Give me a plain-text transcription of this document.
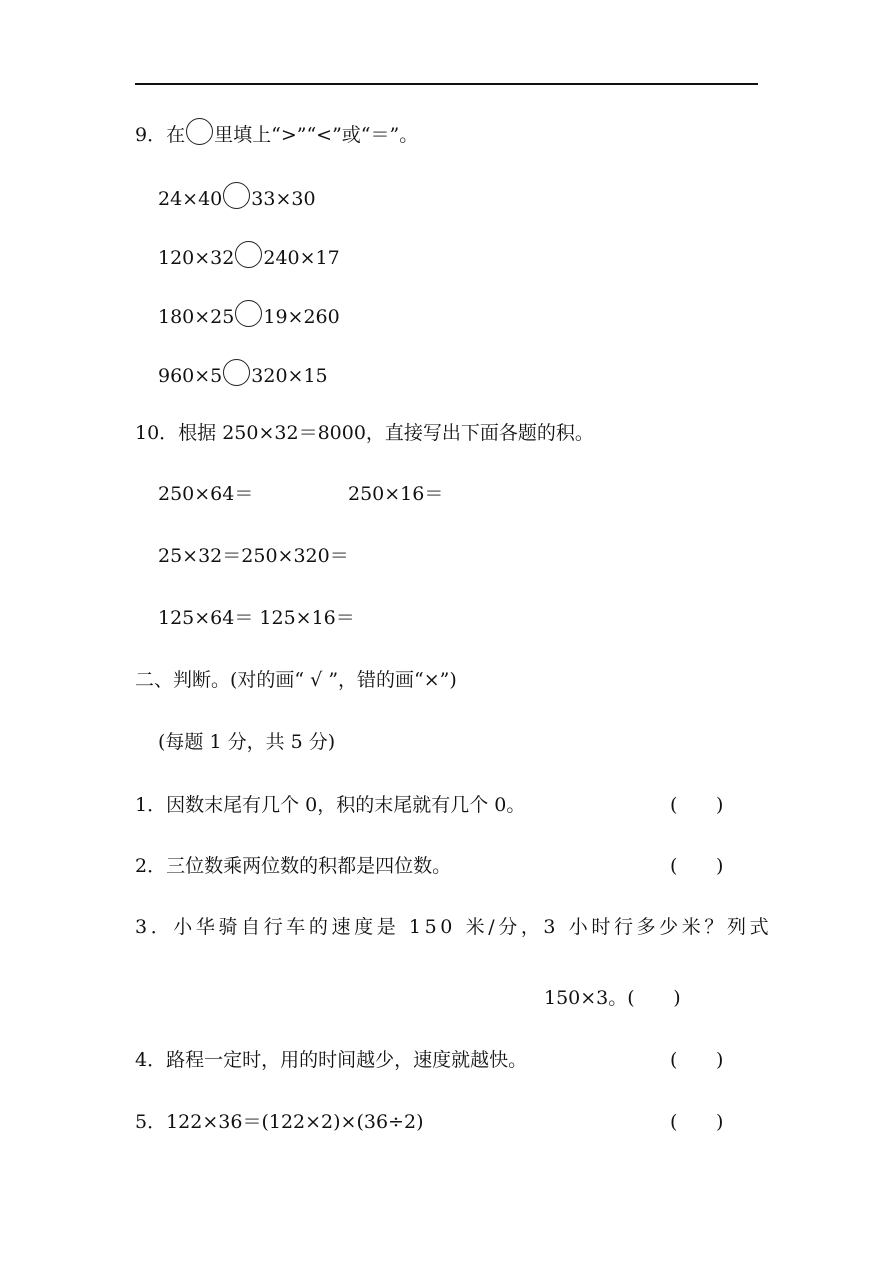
9．在 里填上“>”“<”或“＝”。
24×40 33×30
120×32 240×17
180×25 19×260
960×5 320×15
10．根据 250×32＝8000，直接写出下面各题的积。
250×64＝	250×16＝
25×32＝250×320＝
125×64＝ 125×16＝
二、判断。(对的画“ √ ”，错的画“×”)
(每题 1 分，共 5 分)
1．因数末尾有几个 0，积的末尾就有几个 0。	( )
2．三位数乘两位数的积都是四位数。	( )
3．小华骑自行车的速度是 150 米/分，3 小时行多少米？列式
150×3。( )
4．路程一定时，用的时间越少，速度就越快。	( )
5．122×36＝(122×2)×(36÷2)	( )
